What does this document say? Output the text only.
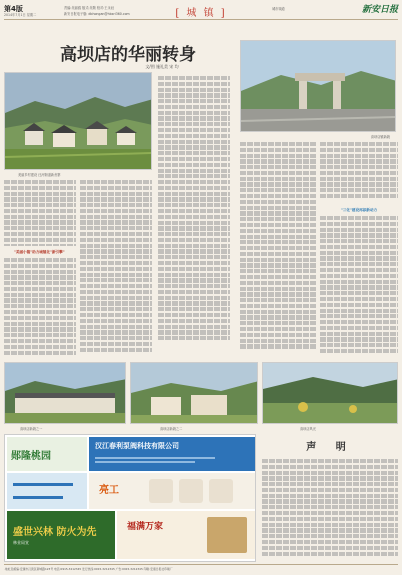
第4版
2014年7月1日 星期二
责编:吴丽鸥 版式:吴敬 校对:王永冠
新安日报电子版: dbhongan@hbxri360.com
城市频道
[ 城 镇 ]	新安日报
高坝店的华丽转身
文/图 施礼美 宋 均
美丽乡村建设 汪河街道新舍寨
"美丽小镇"助力城镇化"新引擎"
高坝店镇新貌
"三化"建设再添新动力
高坝店新貌之一	高坝店新貌之二	高坝店风光
郧隆桃园
汉江春利泵阀科技有限公司
亮工
盛世兴林 防火为先
林业局宣
福满万家
声 明
·地址及邮编:安康市汉滨区新城路123号 电话:0915-3212345 发行热线:0915-3212345 广告:0915-3212345 印刷:安康日报社印刷厂
